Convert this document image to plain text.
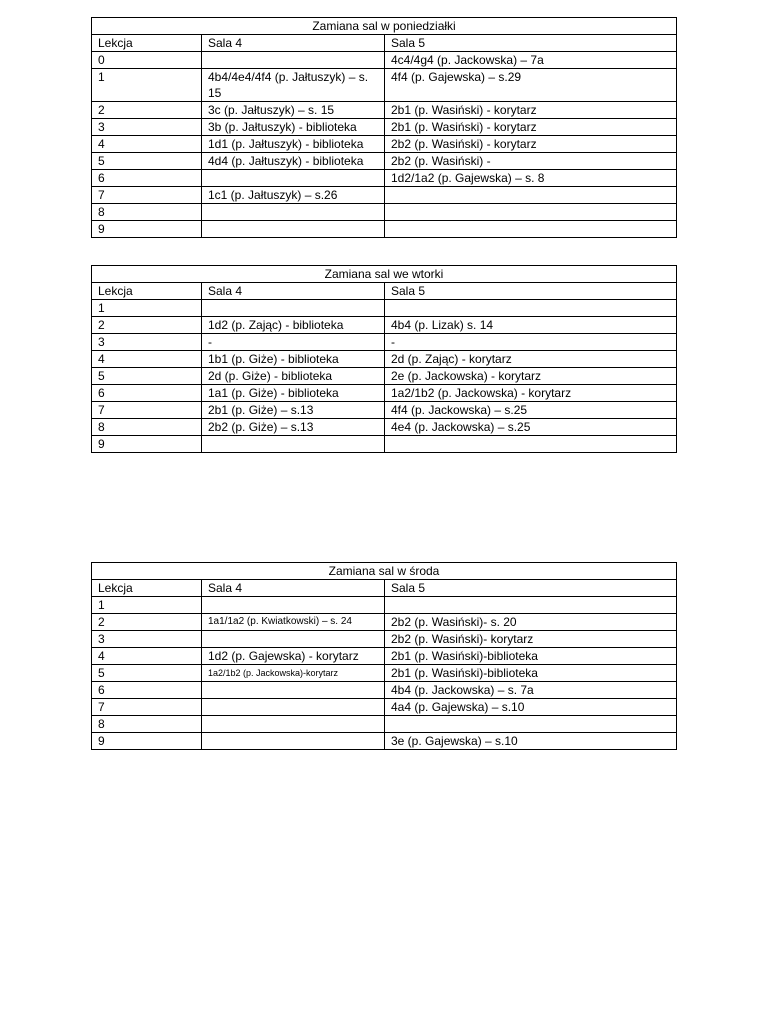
Zamiana sal w poniedziałki		
Lekcja	Sala 4	Sala 5
0		4c4/4g4 (p. Jackowska) – 7a
1	4b4/4e4/4f4 (p. Jałtuszyk) – s. 15	4f4 (p. Gajewska) – s.29
2	3c (p. Jałtuszyk) – s. 15	2b1 (p. Wasiński) - korytarz
3	3b (p. Jałtuszyk) - biblioteka	2b1 (p. Wasiński) - korytarz
4	1d1 (p. Jałtuszyk) - biblioteka	2b2 (p. Wasiński) - korytarz
5	4d4 (p. Jałtuszyk) - biblioteka	2b2 (p. Wasiński) -
6		1d2/1a2 (p. Gajewska) – s. 8
7	1c1 (p. Jałtuszyk) – s.26	
8		
9		
Zamiana sal we wtorki		
Lekcja	Sala 4	Sala 5
1		
2	1d2 (p. Zając) - biblioteka	4b4 (p. Lizak) s. 14
3	-	-
4	1b1 (p. Giże) - biblioteka	2d (p. Zając) - korytarz
5	2d (p. Giże) - biblioteka	2e (p. Jackowska) - korytarz
6	1a1 (p. Giże) - biblioteka	1a2/1b2 (p. Jackowska) - korytarz
7	2b1 (p. Giże) – s.13	4f4 (p. Jackowska) – s.25
8	2b2 (p. Giże) – s.13	4e4 (p. Jackowska) – s.25
9		
Zamiana sal w środa		
Lekcja	Sala 4	Sala 5
1		
2	1a1/1a2 (p. Kwiatkowski) – s. 24	2b2 (p. Wasiński)- s. 20
3		2b2 (p. Wasiński)- korytarz
4	1d2 (p. Gajewska) - korytarz	2b1 (p. Wasiński)-biblioteka
5	1a2/1b2 (p. Jackowska)-korytarz	2b1 (p. Wasiński)-biblioteka
6		4b4 (p. Jackowska) – s. 7a
7		4a4 (p. Gajewska) – s.10
8		
9		3e (p. Gajewska) – s.10
